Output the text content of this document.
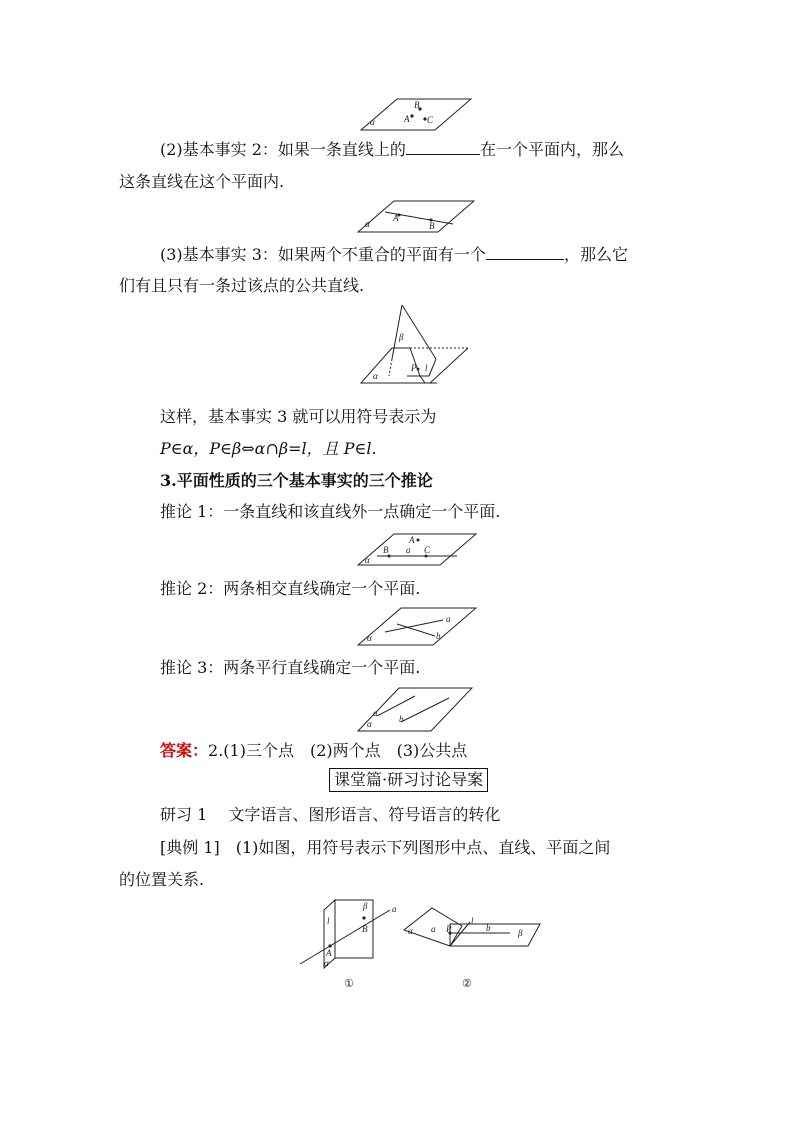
B
A C
α
(2)基本事实 2：如果一条直线上的	在一个平面内，那么
这条直线在这个平面内.
A
B
α
(3)基本事实 3：如果两个不重合的平面有一个	，那么它
们有且只有一条过该点的公共直线.
β
α
P l
这样，基本事实 3 就可以用符号表示为
P∈α，P∈β⇔α∩β=l，且 P∈l.
3.平面性质的三个基本事实的三个推论
推论 1：一条直线和该直线外一点确定一个平面.
A
B a C
α
推论 2：两条相交直线确定一个平面.
a
b
α
推论 3：两条平行直线确定一个平面.
a
α	b
答案：2.(1)三个点　(2)两个点　(3)公共点
课堂篇·研习讨论导案
研习 1　 文字语言、图形语言、符号语言的转化
[典例 1]　(1)如图，用符号表示下列图形中点、直线、平面之间
的位置关系.
β	a
l
B
A
α
①
α a P
l
b	β
②
